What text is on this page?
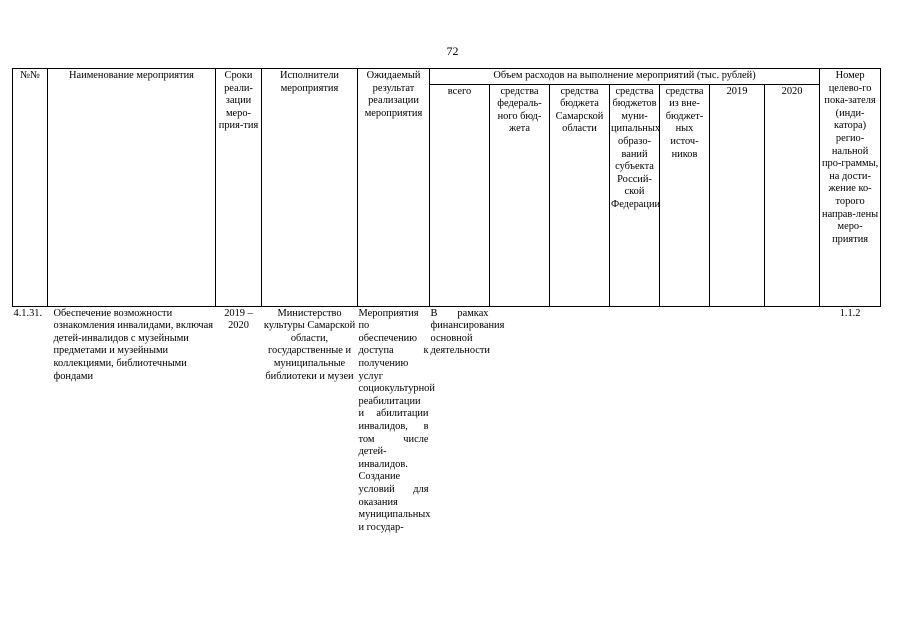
72
№№	Наименование мероприятия	Сроки реали-зации меро-прия-тия	Исполнители мероприятия	Ожидаемый результат реализации мероприятия	Объем расходов на выполнение мероприятий (тыс. рублей)							Номер целево-го пока-зателя (инди-катора) регио-нальной про-граммы, на дости-жение ко-торого направ-лены меро-приятия
					всего	средства федераль-ного бюд-жета	средства бюджета Самарской области	средства бюджетов муни-ципальных образо-ваний субъекта Россий-ской Федерации	средства из вне-бюджет-ных источ-ников	2019	2020	
4.1.31.	Обеспечение возможности ознакомления инвалидами, включая детей-инвалидов с музейными предметами и музейными коллекциями, библиотечными фондами	2019 – 2020	Министерство культуры Самарской области, государственные и муниципальные библиотеки и музеи	Мероприятия по обеспечению доступа к получению услуг социокультурной реабилитации и абилитации инвалидов, в том числе детей-инвалидов. Создание условий для оказания муниципальных и государ-	В рамках финансирования основной деятельности							1.1.2
